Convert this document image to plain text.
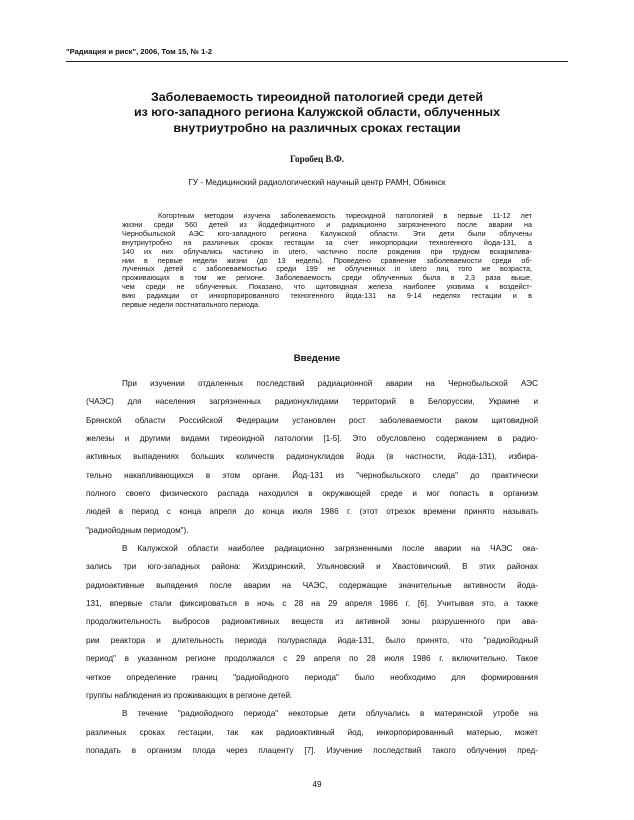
"Радиация и риск", 2006, Том 15, № 1-2
Заболеваемость тиреоидной патологией среди детей
из юго-западного региона Калужской области, облученных
внутриутробно на различных сроках гестации
Горобец В.Ф.
ГУ - Медицинский радиологический научный центр РАМН, Обнинск
Когортным методом изучена заболеваемость тиреоидной патологией в первые 11-12 лет
жизни среди 560 детей из йоддефицитного и радиационно загрязненного после аварии на
Чернобыльской АЭС юго-западного региона Калужской области. Эти дети были облучены
внутриутробно на различных сроках гестации за счет инкорпорации техногенного йода-131, а
140 их них облучались частично in utero, частично после рождения при грудном вскармлива-
нии в первые недели жизни (до 13 недель). Проведено сравнение заболеваемости среди об-
лученных детей с заболеваемостью среди 199 не облученных in utero лиц того же возраста,
проживающих в том же регионе. Заболеваемость среди облученных была в 2,3 раза выше,
чем среди не облученных. Показано, что щитовидная железа наиболее уязвима к воздейст-
вию радиации от инкорпорированного техногенного йода-131 на 9-14 неделях гестации и в
первые недели постнатального периода.
Введение
При изучении отдаленных последствий радиационной аварии на Чернобыльской АЭС
(ЧАЭС) для населения загрязненных радионуклидами территорий в Белоруссии, Украине и
Брянской области Российской Федерации установлен рост заболеваемости раком щитовидной
железы и другими видами тиреоидной патологии [1-5]. Это обусловлено содержанием в радио-
активных выпадениях больших количеств радионуклидов йода (в частности, йода-131), избира-
тельно накапливающихся в этом органе. Йод-131 из "чернобыльского следа" до практически
полного своего физического распада находился в окружающей среде и мог попасть в организм
людей в период с конца апреля до конца июля 1986 г. (этот отрезок времени принято называть
"радиойодным периодом").
В Калужской области наиболее радиационно загрязненными после аварии на ЧАЭС ока-
зались три юго-западных района: Жиздринский, Ульяновский и Хвастовичский. В этих районах
радиоактивные выпадения после аварии на ЧАЭС, содержащие значительные активности йода-
131, впервые стали фиксироваться в ночь с 28 на 29 апреля 1986 г. [6]. Учитывая это, а также
продолжительность выбросов радиоактивных веществ из активной зоны разрушенного при ава-
рии реактора и длительность периода полураспада йода-131, было принято, что "радиойодный
период" в указанном регионе продолжался с 29 апреля по 28 июля 1986 г. включительно. Такое
четкое определение границ "радиойодного периода" было необходимо для формирования
группы наблюдения из проживающих в регионе детей.
В течение "радиойодного периода" некоторые дети облучались в материнской утробе на
различных сроках гестации, так как радиоактивный йод, инкорпорированный матерью, может
попадать в организм плода через плаценту [7]. Изучение последствий такого облучения пред-
49
